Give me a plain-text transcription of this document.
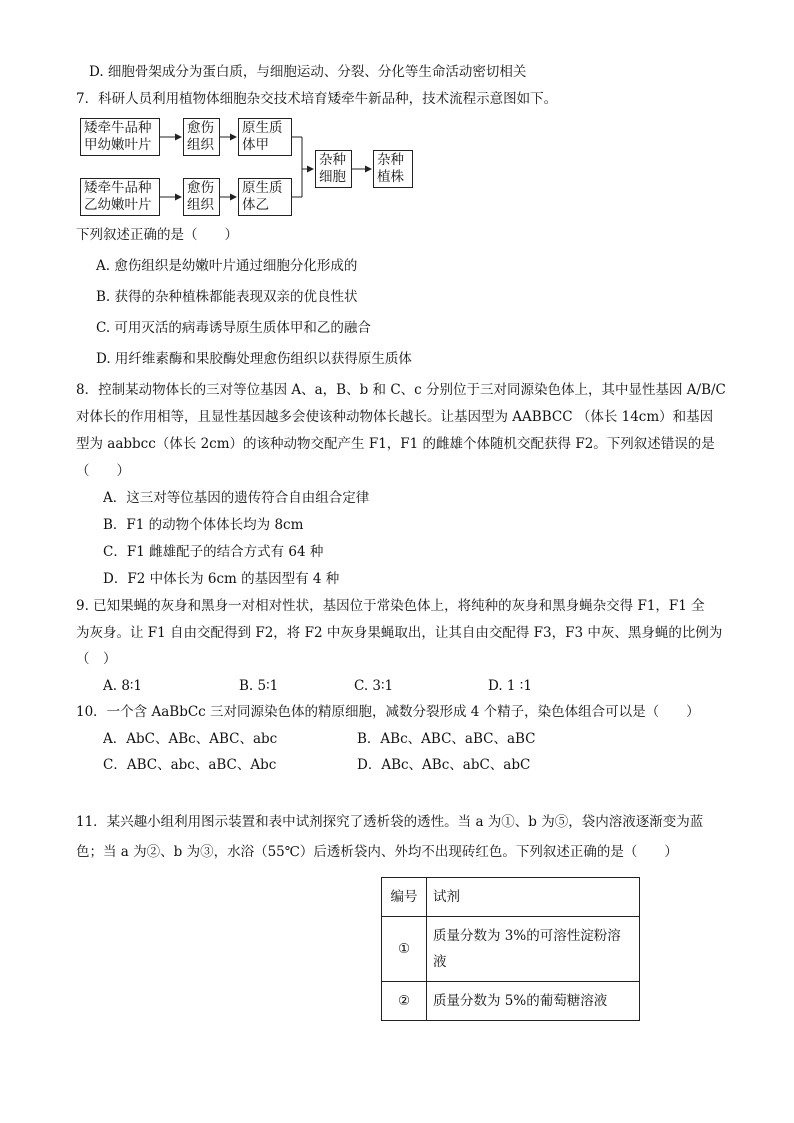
D. 细胞骨架成分为蛋白质，与细胞运动、分裂、分化等生命活动密切相关
7．科研人员利用植物体细胞杂交技术培育矮牵牛新品种，技术流程示意图如下。
矮牵牛品种甲幼嫩叶片
愈伤组织
原生质体甲
矮牵牛品种乙幼嫩叶片
愈伤组织
原生质体乙
杂种细胞
杂种植株
下列叙述正确的是（　　）
A. 愈伤组织是幼嫩叶片通过细胞分化形成的
B. 获得的杂种植株都能表现双亲的优良性状
C. 可用灭活的病毒诱导原生质体甲和乙的融合
D. 用纤维素酶和果胶酶处理愈伤组织以获得原生质体
8．控制某动物体长的三对等位基因 A、a，B、b 和 C、c 分别位于三对同源染色体上，其中显性基因 A/B/C
对体长的作用相等，且显性基因越多会使该种动物体长越长。让基因型为 AABBCC （体长 14cm）和基因
型为 aabbcc（体长 2cm）的该种动物交配产生 F1，F1 的雌雄个体随机交配获得 F2。下列叙述错误的是
（　　）
A．这三对等位基因的遗传符合自由组合定律
B．F1 的动物个体体长均为 8cm
C．F1 雌雄配子的结合方式有 64 种
D．F2 中体长为 6cm 的基因型有 4 种
9. 已知果蝇的灰身和黑身一对相对性状，基因位于常染色体上，将纯种的灰身和黑身蝇杂交得 F1，F1 全
为灰身。让 F1 自由交配得到 F2，将 F2 中灰身果蝇取出，让其自由交配得 F3，F3 中灰、黑身蝇的比例为
（　）
A. 8∶1	B. 5∶1	C. 3∶1	D. 1 ∶1
10．一个含 AaBbCc 三对同源染色体的精原细胞，减数分裂形成 4 个精子，染色体组合可以是（　　）
A．AbC、ABc、ABC、abc	B．ABc、ABC、aBC、aBC
C．ABC、abc、aBC、Abc	D．ABc、ABc、abC、abC
11．某兴趣小组利用图示装置和表中试剂探究了透析袋的透性。当 a 为①、b 为⑤，袋内溶液逐渐变为蓝
色；当 a 为②、b 为③，水浴（55℃）后透析袋内、外均不出现砖红色。下列叙述正确的是（　　）
编号	试剂
①	质量分数为 3%的可溶性淀粉溶液
②	质量分数为 5%的葡萄糖溶液
